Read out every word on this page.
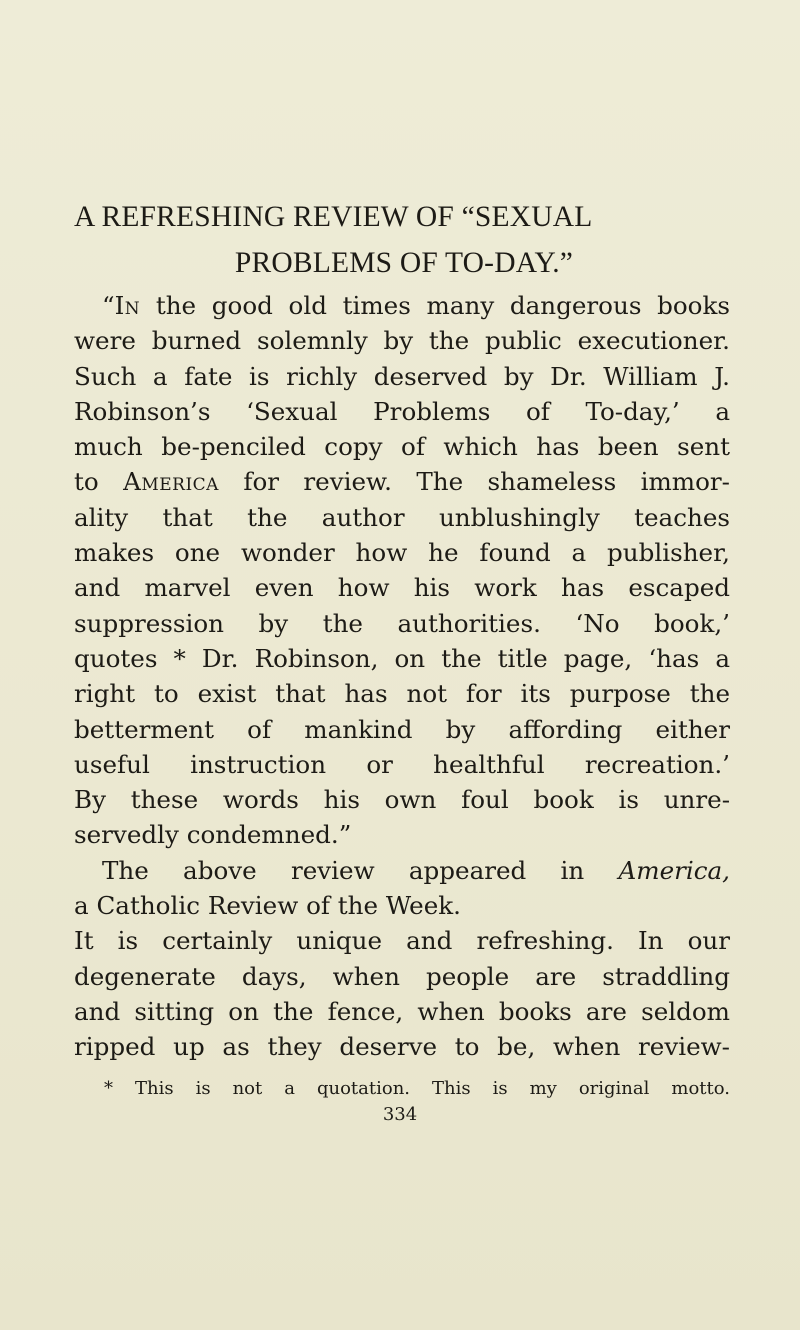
A REFRESHING REVIEW OF “SEXUAL
PROBLEMS OF TO-DAY.”
“In the good old times many dangerous books
were burned solemnly by the public executioner.
Such a fate is richly deserved by Dr. William J.
Robinson’s ‘Sexual Problems of To-day,’ a
much be-penciled copy of which has been sent
to America for review. The shameless immor-
ality that the author unblushingly teaches
makes one wonder how he found a publisher,
and marvel even how his work has escaped
suppression by the authorities. ‘No book,’
quotes * Dr. Robinson, on the title page, ‘has a
right to exist that has not for its purpose the
betterment of mankind by affording either
useful instruction or healthful recreation.’
By these words his own foul book is unre-
servedly condemned.”
The above review appeared in America,
a Catholic Review of the Week.
It is certainly unique and refreshing. In our
degenerate days, when people are straddling
and sitting on the fence, when books are seldom
ripped up as they deserve to be, when review-
* This is not a quotation. This is my original motto.
334
